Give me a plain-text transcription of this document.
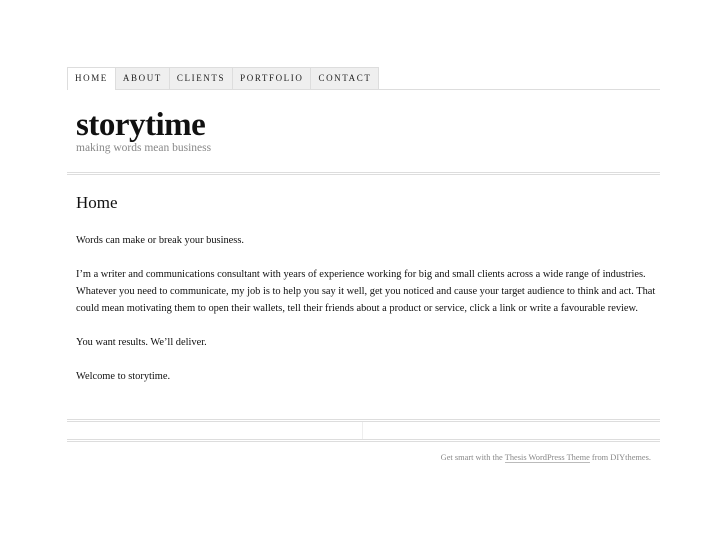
HOME	ABOUT	CLIENTS	PORTFOLIO	CONTACT
storytime
making words mean business
Home

Words can make or break your business.

I’m a writer and communications consultant with years of experience working for big and small clients across a wide range of industries. Whatever you need to communicate, my job is to help you say it well, get you noticed and cause your target audience to think and act. That could mean motivating them to open their wallets, tell their friends about a product or service, click a link or write a favourable review.

You want results. We’ll deliver.

Welcome to storytime.

Get smart with the Thesis WordPress Theme from DIYthemes.
